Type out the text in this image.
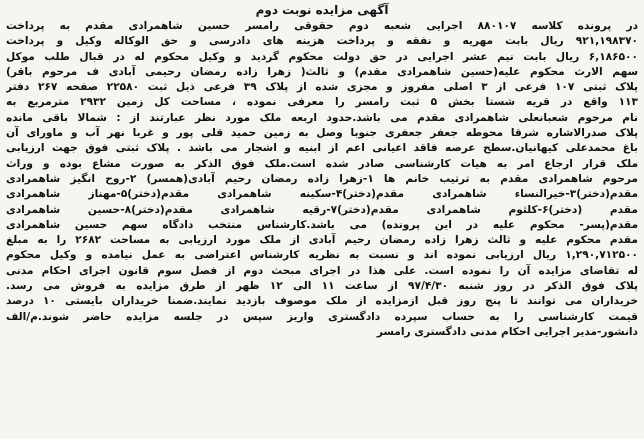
آگهی مزایده نوبت دوم
در پرونده کلاسه ۸۸۰۱۰۷ اجرایی شعبه دوم حقوقی رامسر حسین شاهمرادی مقدم به پرداخت
۹۲۱,۱۹۸۳۷۰ ریال بابت مهریه و نفقه و پرداخت هزینه های دادرسی و حق الوکاله وکیل و پرداخت
۶,۱۸۶۵۰۰ ریال بابت نیم عشر اجرایی در حق دولت محکوم گردید و وکیل محکوم له در قبال طلب موکل
سهم الارث محکوم علیه(حسین شاهمرادی مقدم) و ثالث( زهرا زاده رمضان رحیمی آبادی ف مرحوم باقر)
پلاک ثبتی ۱۰۷ فرعی از ۳ اصلی مفروز و مجزی شده از پلاک ۳۹ فرعی ذیل ثبت ۲۲۵۸۰ صفحه ۲۶۷ دفتر
۱۱۳ واقع در قریه شستا بخش ۵ ثبت رامسر را معرفی نموده ، مساحت کل زمین ۲۹۳۲ مترمربع به
نام مرحوم شعبانعلی شاهمرادی مقدم می باشد.حدود اربعه ملک مورد نظر عبارتند از : شمالا باقی مانده
پلاک صدرالاشاره شرقا محوطه جعفر جعفری جنوبا وصل به زمین حمید قلی پور و غربا نهر آب و ماورای آن
باغ محمدعلی کیهانیان.سطح عرصه فاقد اعیانی اعم از ابنیه و اشجار می باشد . پلاک ثبتی فوق جهت ارزیابی
ملک قرار ارجاع امر به هیات کارشناسی صادر شده است.ملک فوق الذکر به صورت مشاع بوده و وراث
مرحوم شاهمرادی مقدم به ترتیب خانم ها ۱-زهرا زاده رمضان رحیم آبادی(همسر) ۲-روح انگیز شاهمرادی
مقدم(دختر)۳-خیرالنساء شاهمرادی مقدم(دختر)۴-سکینه شاهمرادی مقدم(دختر)۵-مهناز شاهمرادی
مقدم (دختر)۶-کلثوم شاهمرادی مقدم(دختر)۷-رقیه شاهمرادی مقدم(دختر)۸-حسین شاهمرادی
مقدم(پسر- محکوم علیه در این پرونده) می باشد.کارشناس منتخب دادگاه سهم حسین شاهمرادی
مقدم محکوم علیه و ثالث زهرا زاده رمضان رحیم آبادی از ملک مورد ارزیابی به مساحت ۲۶۸۲ را به مبلغ
۱,۲۹۰,۷۱۲۵۰۰ ریال ارزیابی نموده اند و نسبت به نظریه کارشناس اعتراضی به عمل نیامده و وکیل محکوم
له تقاضای مزایده آن را نموده است. علی هذا در اجرای مبحث دوم از فصل سوم قانون اجرای احکام مدنی
پلاک فوق الذکر در روز شنبه ۹۷/۴/۳۰ از ساعت ۱۱ الی ۱۲ ظهر از طرق مزایده به فروش می رسد.
خریداران می توانند تا پنج روز قبل ازمزایده از ملک موصوف بازدید نمایند.ضمنا خریداران بایستی ۱۰ درصد
قیمت کارشناسی را به حساب سپرده دادگستری واریز سپس در جلسه مزایده حاضر شوند.م/الف
دانشور-مدیر اجرایی احکام مدنی دادگستری رامسر
